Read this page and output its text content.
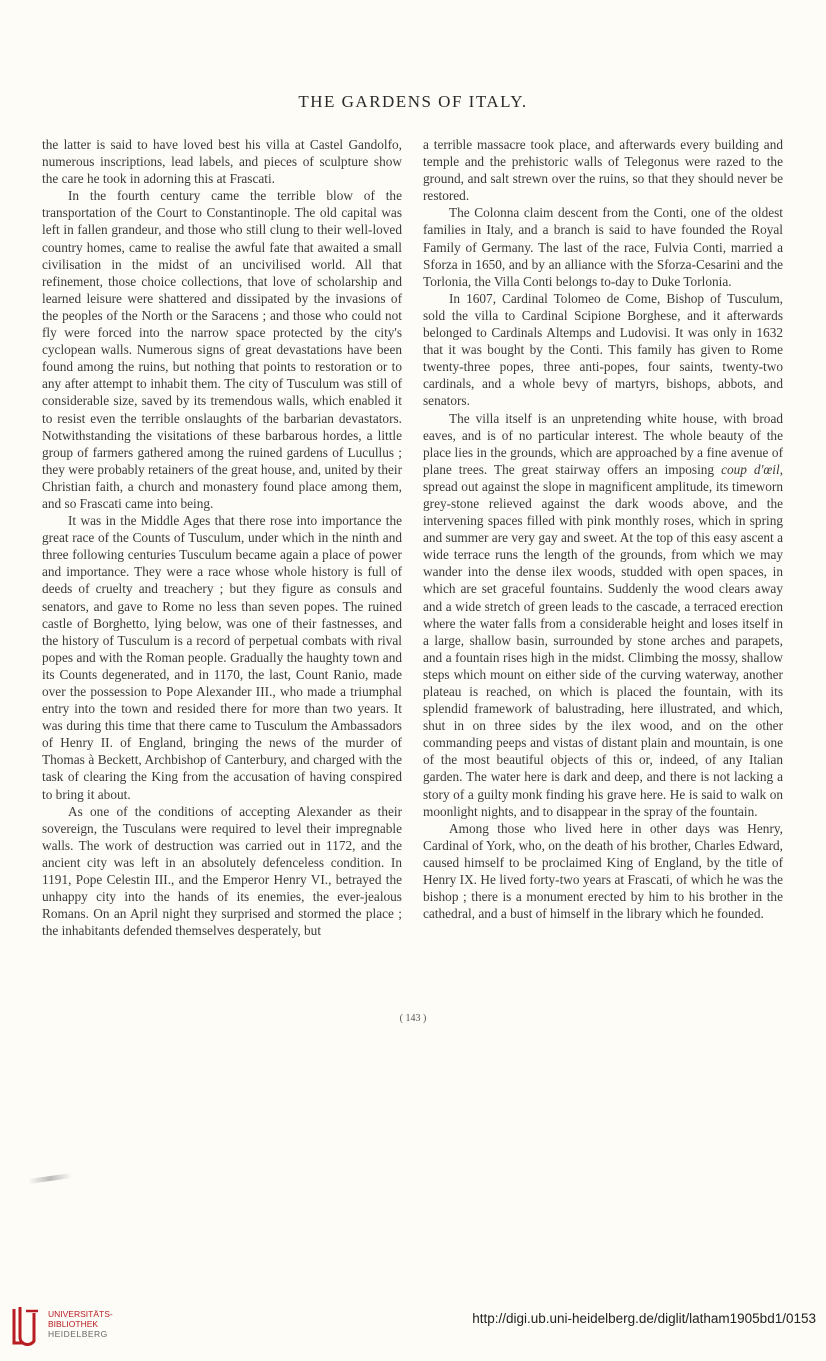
THE GARDENS OF ITALY.

the latter is said to have loved best his villa at Castel Gandolfo, numerous inscriptions, lead labels, and pieces of sculpture show the care he took in adorning this at Frascati.

In the fourth century came the terrible blow of the transportation of the Court to Constantinople. The old capital was left in fallen grandeur, and those who still clung to their well-loved country homes, came to realise the awful fate that awaited a small civilisation in the midst of an uncivilised world. All that refinement, those choice collections, that love of scholarship and learned leisure were shattered and dissipated by the invasions of the peoples of the North or the Saracens ; and those who could not fly were forced into the narrow space protected by the city's cyclopean walls. Numerous signs of great devastations have been found among the ruins, but nothing that points to restoration or to any after attempt to inhabit them. The city of Tusculum was still of considerable size, saved by its tremendous walls, which enabled it to resist even the terrible onslaughts of the barbarian devastators. Notwithstanding the visitations of these barbarous hordes, a little group of farmers gathered among the ruined gardens of Lucullus ; they were probably retainers of the great house, and, united by their Christian faith, a church and monastery found place among them, and so Frascati came into being.

It was in the Middle Ages that there rose into importance the great race of the Counts of Tusculum, under which in the ninth and three following centuries Tusculum became again a place of power and importance. They were a race whose whole history is full of deeds of cruelty and treachery ; but they figure as consuls and senators, and gave to Rome no less than seven popes. The ruined castle of Borghetto, lying below, was one of their fastnesses, and the history of Tusculum is a record of perpetual combats with rival popes and with the Roman people. Gradually the haughty town and its Counts degenerated, and in 1170, the last, Count Ranio, made over the possession to Pope Alexander III., who made a triumphal entry into the town and resided there for more than two years. It was during this time that there came to Tusculum the Ambassadors of Henry II. of England, bringing the news of the murder of Thomas à Beckett, Archbishop of Canterbury, and charged with the task of clearing the King from the accusation of having conspired to bring it about.

As one of the conditions of accepting Alexander as their sovereign, the Tusculans were required to level their impregnable walls. The work of destruction was carried out in 1172, and the ancient city was left in an absolutely defenceless condition. In 1191, Pope Celestin III., and the Emperor Henry VI., betrayed the unhappy city into the hands of its enemies, the ever-jealous Romans. On an April night they surprised and stormed the place ; the inhabitants defended themselves desperately, but

a terrible massacre took place, and afterwards every building and temple and the prehistoric walls of Telegonus were razed to the ground, and salt strewn over the ruins, so that they should never be restored.

The Colonna claim descent from the Conti, one of the oldest families in Italy, and a branch is said to have founded the Royal Family of Germany. The last of the race, Fulvia Conti, married a Sforza in 1650, and by an alliance with the Sforza-Cesarini and the Torlonia, the Villa Conti belongs to-day to Duke Torlonia.

In 1607, Cardinal Tolomeo de Come, Bishop of Tusculum, sold the villa to Cardinal Scipione Borghese, and it afterwards belonged to Cardinals Altemps and Ludovisi. It was only in 1632 that it was bought by the Conti. This family has given to Rome twenty-three popes, three anti-popes, four saints, twenty-two cardinals, and a whole bevy of martyrs, bishops, abbots, and senators.

The villa itself is an unpretending white house, with broad eaves, and is of no particular interest. The whole beauty of the place lies in the grounds, which are approached by a fine avenue of plane trees. The great stairway offers an imposing coup d'œil, spread out against the slope in magnificent amplitude, its timeworn grey-stone relieved against the dark woods above, and the intervening spaces filled with pink monthly roses, which in spring and summer are very gay and sweet. At the top of this easy ascent a wide terrace runs the length of the grounds, from which we may wander into the dense ilex woods, studded with open spaces, in which are set graceful fountains. Suddenly the wood clears away and a wide stretch of green leads to the cascade, a terraced erection where the water falls from a considerable height and loses itself in a large, shallow basin, surrounded by stone arches and parapets, and a fountain rises high in the midst. Climbing the mossy, shallow steps which mount on either side of the curving waterway, another plateau is reached, on which is placed the fountain, with its splendid framework of balustrading, here illustrated, and which, shut in on three sides by the ilex wood, and on the other commanding peeps and vistas of distant plain and mountain, is one of the most beautiful objects of this or, indeed, of any Italian garden. The water here is dark and deep, and there is not lacking a story of a guilty monk finding his grave here. He is said to walk on moonlight nights, and to disappear in the spray of the fountain.

Among those who lived here in other days was Henry, Cardinal of York, who, on the death of his brother, Charles Edward, caused himself to be proclaimed King of England, by the title of Henry IX. He lived forty-two years at Frascati, of which he was the bishop ; there is a monument erected by him to his brother in the cathedral, and a bust of himself in the library which he founded.

( 143 )
UNIVERSITÄTS-
BIBLIOTHEK
HEIDELBERG
http://digi.ub.uni-heidelberg.de/diglit/latham1905bd1/0153
